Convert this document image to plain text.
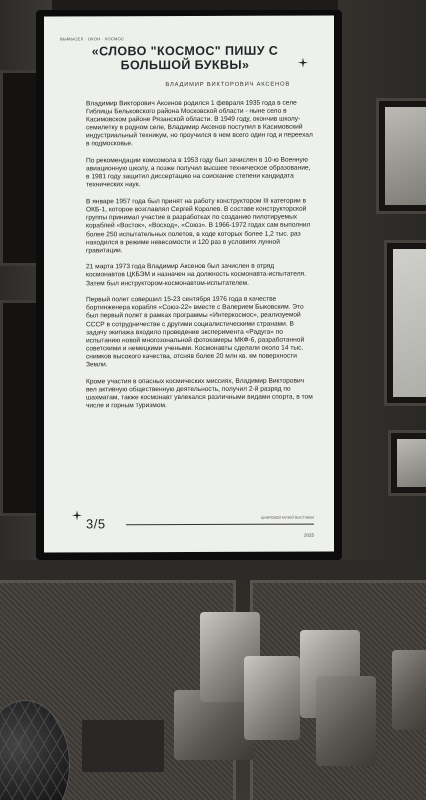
ВЫМЫСЕЛ · ОКОН · КОСМОС
«СЛОВО "КОСМОС" ПИШУ С БОЛЬШОЙ БУКВЫ»
ВЛАДИМИР ВИКТОРОВИЧ АКСЕНОВ

Владимир Викторович Аксенов родился 1 февраля 1935 года в селе Гиблицы Бельковского района Московской области - ныне село в Касимовском районе Рязанской области. В 1949 году, окончив школу-семилетку в родном селе, Владимир Аксенов поступил в Касимовский индустриальный техникум, но проучился в нем всего один год и переехал в подмосковье.

По рекомендации комсомола в 1953 году был зачислен в 10-ю Военную авиационную школу, а позже получил высшее техническое образование, в 1981 году защитил диссертацию на соискание степени кандидата технических наук.

В январе 1957 года был принят на работу конструктором III категории в ОКБ-1, которое возглавлял Сергей Королев. В составе конструкторской группы принимал участие в разработках по созданию пилотируемых кораблей «Восток», «Восход», «Союз». В 1966-1972 годах сам выполнил более 250 испытательных полетов, в ходе которых более 1,2 тыс. раз находился в режиме невесомости и 120 раз в условиях лунной гравитации.

21 марта 1973 года Владимир Аксенов был зачислен в отряд космонавтов ЦКБЭМ и назначен на должность космонавта-испытателя. Затем был инструктором-космонавтом-испытателем.

Первый полет совершил 15-23 сентября 1976 года в качестве бортинженера корабля «Союз-22» вместе с Валерием Быковским. Это был первый полет в рамках программы «Интеркосмос», реализуемой СССР в сотрудничестве с другими социалистическими странами. В задачу экипажа входило проведение эксперимента «Радуга» по испытанию новой многозональной фотокамеры МКФ-6, разработанной советскими и немецкими учеными. Космонавты сделали около 14 тыс. снимков высокого качества, отсняв более 20 млн кв. км поверхности Земли.

Кроме участия в опасных космических миссиях, Владимир Викторович вел активную общественную деятельность, получил 2-й разряд по шахматам, также космонавт увлекался различными видами спорта, в том числе и горным туризмом.

3/5	ЦИФРОВОЙ МУЗЕЙ ВЫСТАВКИ
2025
